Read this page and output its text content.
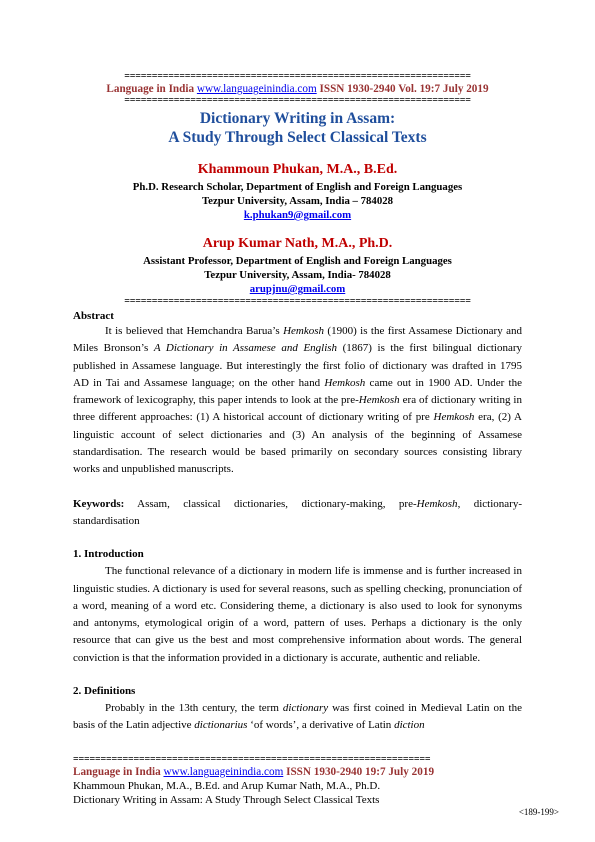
===============================================================
Language in India www.languageinindia.com ISSN 1930-2940 Vol. 19:7 July 2019
===============================================================
Dictionary Writing in Assam:
A Study Through Select Classical Texts
Khammoun Phukan, M.A., B.Ed.
Ph.D. Research Scholar, Department of English and Foreign Languages
Tezpur University, Assam, India – 784028
k.phukan9@gmail.com
Arup Kumar Nath, M.A., Ph.D.
Assistant Professor, Department of English and Foreign Languages
Tezpur University, Assam, India- 784028
arupjnu@gmail.com
===============================================================
Abstract
It is believed that Hemchandra Barua’s Hemkosh (1900) is the first Assamese Dictionary and Miles Bronson’s A Dictionary in Assamese and English (1867) is the first bilingual dictionary published in Assamese language. But interestingly the first folio of dictionary was drafted in 1795 AD in Tai and Assamese language; on the other hand Hemkosh came out in 1900 AD. Under the framework of lexicography, this paper intends to look at the pre-Hemkosh era of dictionary writing in three different approaches: (1) A historical account of dictionary writing of pre Hemkosh era, (2) A linguistic account of select dictionaries and (3) An analysis of the beginning of Assamese standardisation. The research would be based primarily on secondary sources consisting library works and unpublished manuscripts.
Keywords: Assam, classical dictionaries, dictionary-making, pre-Hemkosh, dictionary-standardisation
1. Introduction
The functional relevance of a dictionary in modern life is immense and is further increased in linguistic studies. A dictionary is used for several reasons, such as spelling checking, pronunciation of a word, meaning of a word etc. Considering theme, a dictionary is also used to look for synonyms and antonyms, etymological origin of a word, pattern of uses. Perhaps a dictionary is the only resource that can give us the best and most comprehensive information about words. The general conviction is that the information provided in a dictionary is accurate, authentic and reliable.
2. Definitions
Probably in the 13th century, the term dictionary was first coined in Medieval Latin on the basis of the Latin adjective dictionarius ‘of words’, a derivative of Latin diction
=================================================================
Language in India www.languageinindia.com ISSN 1930-2940 19:7 July 2019
Khammoun Phukan, M.A., B.Ed. and Arup Kumar Nath, M.A., Ph.D.
Dictionary Writing in Assam: A Study Through Select Classical Texts
<189-199>
